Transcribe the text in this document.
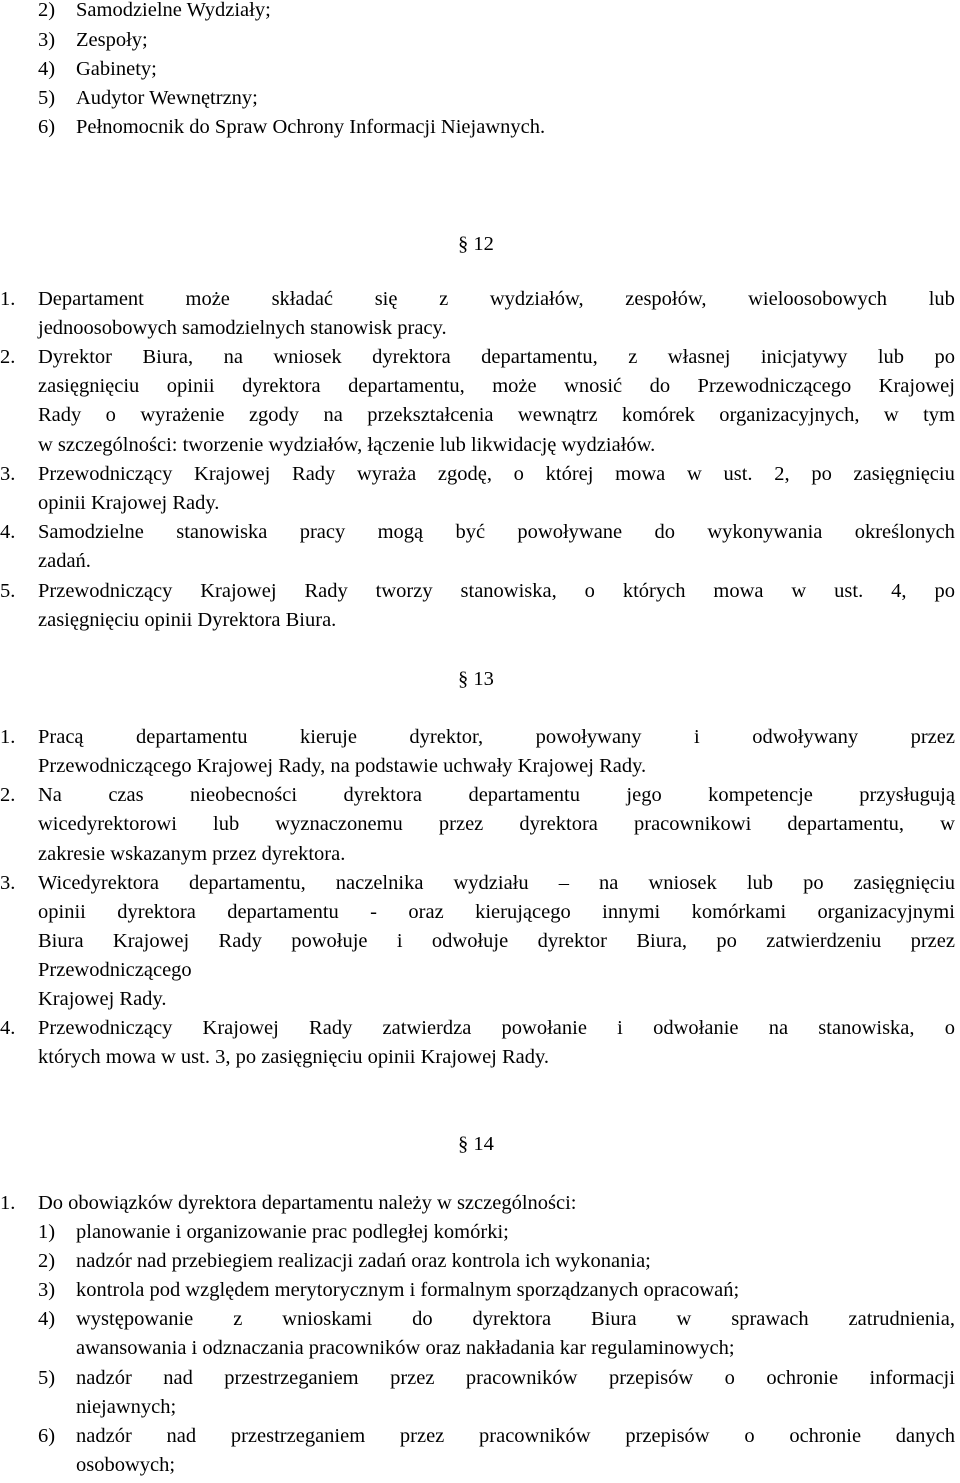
2) Samodzielne Wydziały;
3) Zespoły;
4) Gabinety;
5) Audytor Wewnętrzny;
6) Pełnomocnik do Spraw Ochrony Informacji Niejawnych.
§ 12
1. Departament może składać się z wydziałów, zespołów, wieloosobowych lub
jednoosobowych samodzielnych stanowisk pracy.
2. Dyrektor Biura, na wniosek dyrektora departamentu, z własnej inicjatywy lub po
zasięgnięciu opinii dyrektora departamentu, może wnosić do Przewodniczącego Krajowej
Rady o wyrażenie zgody na przekształcenia wewnątrz komórek organizacyjnych, w tym
w szczególności: tworzenie wydziałów, łączenie lub likwidację wydziałów.
3. Przewodniczący Krajowej Rady wyraża zgodę, o której mowa w ust. 2, po zasięgnięciu
opinii Krajowej Rady.
4. Samodzielne stanowiska pracy mogą być powoływane do wykonywania określonych
zadań.
5. Przewodniczący Krajowej Rady tworzy stanowiska, o których mowa w ust. 4, po
zasięgnięciu opinii Dyrektora Biura.
§ 13
1. Pracą	departamentu	kieruje	dyrektor,	powoływany	i	odwoływany	przez
Przewodniczącego Krajowej Rady, na podstawie uchwały Krajowej Rady.
2. Na czas nieobecności dyrektora departamentu jego kompetencje przysługują
wicedyrektorowi lub wyznaczonemu przez dyrektora pracownikowi departamentu, w
zakresie wskazanym przez dyrektora.
3. Wicedyrektora departamentu, naczelnika wydziału – na wniosek lub po zasięgnięciu
opinii dyrektora departamentu - oraz kierującego innymi komórkami organizacyjnymi
Biura Krajowej Rady powołuje i odwołuje dyrektor Biura, po zatwierdzeniu przez
Przewodniczącego
Krajowej Rady.
4. Przewodniczący Krajowej Rady zatwierdza powołanie i odwołanie na stanowiska, o
których mowa w ust. 3, po zasięgnięciu opinii Krajowej Rady.
§ 14
1. Do obowiązków dyrektora departamentu należy w szczególności:
1) planowanie i organizowanie prac podległej komórki;
2) nadzór nad przebiegiem realizacji zadań oraz kontrola ich wykonania;
3) kontrola pod względem merytorycznym i formalnym sporządzanych opracowań;
4) występowanie z wnioskami do dyrektora Biura w sprawach zatrudnienia,
awansowania i odznaczania pracowników oraz nakładania kar regulaminowych;
5) nadzór nad przestrzeganiem przez pracowników przepisów o ochronie informacji
niejawnych;
6) nadzór nad przestrzeganiem przez pracowników przepisów o ochronie danych
osobowych;
